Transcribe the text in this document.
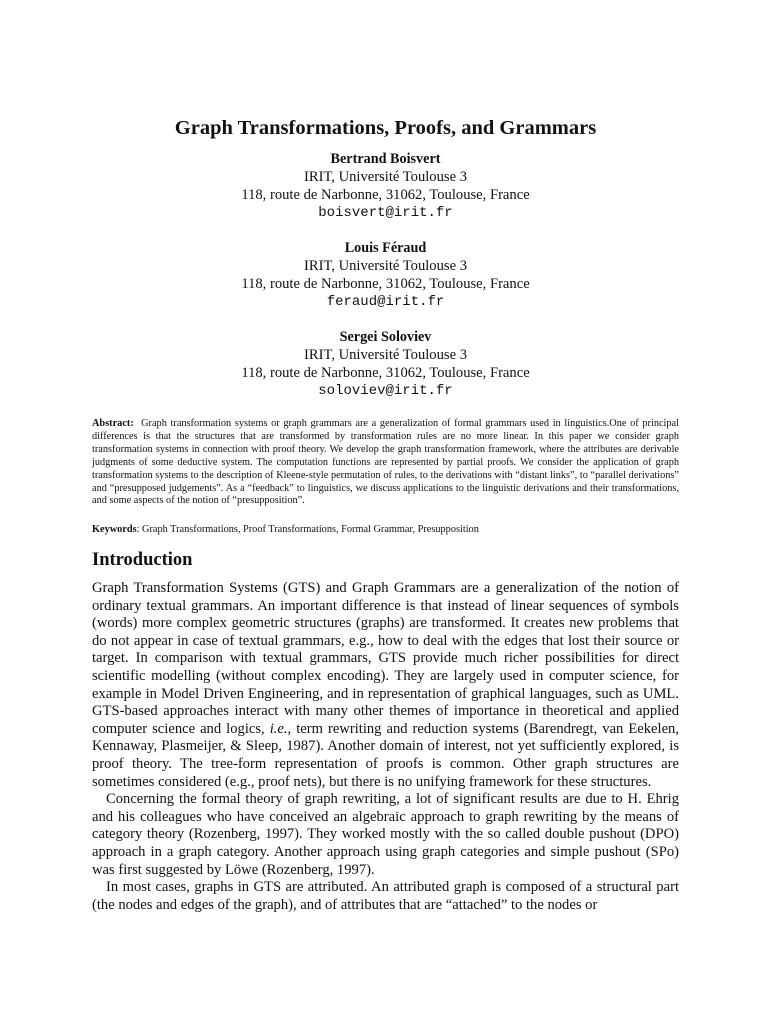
Graph Transformations, Proofs, and Grammars
Bertrand Boisvert
IRIT, Université Toulouse 3
118, route de Narbonne, 31062, Toulouse, France
boisvert@irit.fr
Louis Féraud
IRIT, Université Toulouse 3
118, route de Narbonne, 31062, Toulouse, France
feraud@irit.fr
Sergei Soloviev
IRIT, Université Toulouse 3
118, route de Narbonne, 31062, Toulouse, France
soloviev@irit.fr

Abstract: Graph transformation systems or graph grammars are a generalization of formal grammars used in linguistics.One of principal differences is that the structures that are transformed by transformation rules are no more linear. In this paper we consider graph transformation systems in connection with proof theory. We develop the graph transformation framework, where the attributes are derivable judgments of some deductive system. The computation functions are represented by partial proofs. We consider the application of graph transformation systems to the description of Kleene-style permutation of rules, to the derivations with “distant links”, to “parallel derivations” and “presupposed judgements”. As a “feedback” to linguistics, we discuss applications to the linguistic derivations and their transformations, and some aspects of the notion of “presupposition”.

Keywords: Graph Transformations, Proof Transformations, Formal Grammar, Presupposition

Introduction

Graph Transformation Systems (GTS) and Graph Grammars are a generalization of the notion of ordinary textual grammars. An important difference is that instead of linear sequences of symbols (words) more complex geometric structures (graphs) are transformed. It creates new problems that do not appear in case of textual grammars, e.g., how to deal with the edges that lost their source or target. In comparison with textual grammars, GTS provide much richer possibilities for direct scientific modelling (without complex encoding). They are largely used in computer science, for example in Model Driven Engineering, and in representation of graphical languages, such as UML. GTS-based approaches interact with many other themes of importance in theoretical and applied computer science and logics, i.e., term rewriting and reduction systems (Barendregt, van Eekelen, Kennaway, Plasmeijer, & Sleep, 1987). Another domain of interest, not yet sufficiently explored, is proof theory. The tree-form representation of proofs is common. Other graph structures are sometimes considered (e.g., proof nets), but there is no unifying framework for these structures.

Concerning the formal theory of graph rewriting, a lot of significant results are due to H. Ehrig and his colleagues who have conceived an algebraic approach to graph rewriting by the means of category theory (Rozenberg, 1997). They worked mostly with the so called double pushout (DPO) approach in a graph category. Another approach using graph categories and simple pushout (SPo) was first suggested by Löwe (Rozenberg, 1997).

In most cases, graphs in GTS are attributed. An attributed graph is composed of a structural part (the nodes and edges of the graph), and of attributes that are “attached” to the nodes or
